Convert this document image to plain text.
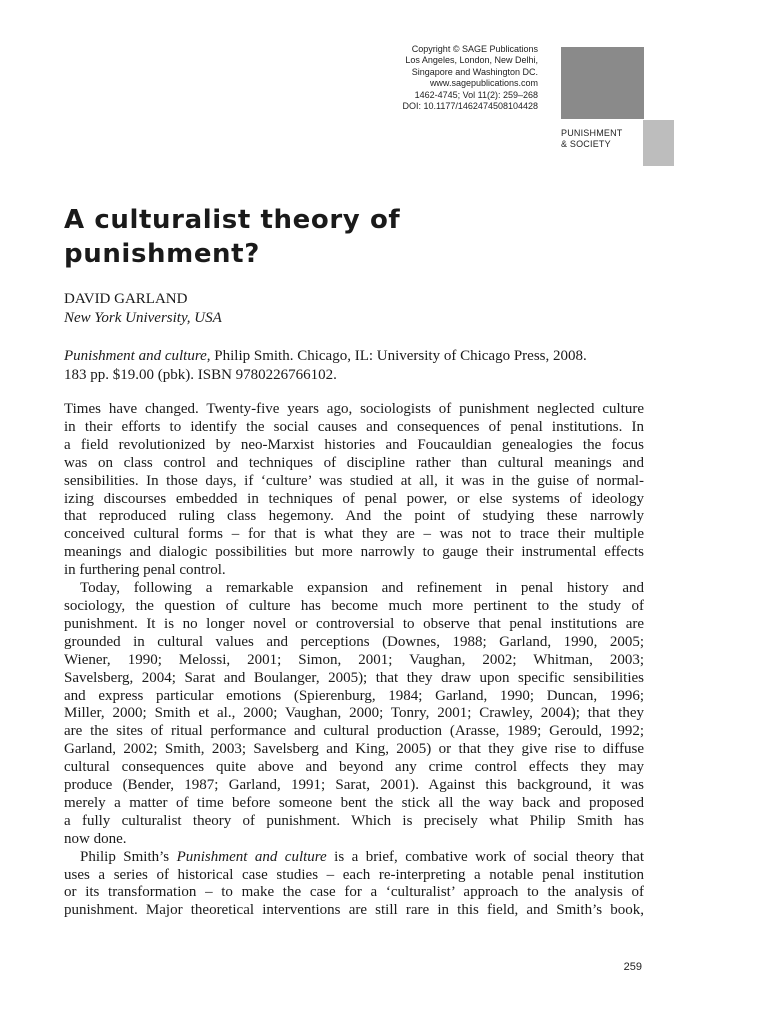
Copyright © SAGE Publications
Los Angeles, London, New Delhi,
Singapore and Washington DC.
www.sagepublications.com
1462-4745; Vol 11(2): 259–268
DOI: 10.1177/1462474508104428
PUNISHMENT
& SOCIETY
A culturalist theory of
punishment?
DAVID GARLAND
New York University, USA
Punishment and culture, Philip Smith. Chicago, IL: University of Chicago Press, 2008.
183 pp. $19.00 (pbk). ISBN 9780226766102.
Times have changed. Twenty-five years ago, sociologists of punishment neglected culture
in their efforts to identify the social causes and consequences of penal institutions. In
a field revolutionized by neo-Marxist histories and Foucauldian genealogies the focus
was on class control and techniques of discipline rather than cultural meanings and
sensibilities. In those days, if ‘culture’ was studied at all, it was in the guise of normal-
izing discourses embedded in techniques of penal power, or else systems of ideology
that reproduced ruling class hegemony. And the point of studying these narrowly
conceived cultural forms – for that is what they are – was not to trace their multiple
meanings and dialogic possibilities but more narrowly to gauge their instrumental effects
in furthering penal control.
Today, following a remarkable expansion and refinement in penal history and
sociology, the question of culture has become much more pertinent to the study of
punishment. It is no longer novel or controversial to observe that penal institutions are
grounded in cultural values and perceptions (Downes, 1988; Garland, 1990, 2005;
Wiener, 1990; Melossi, 2001; Simon, 2001; Vaughan, 2002; Whitman, 2003;
Savelsberg, 2004; Sarat and Boulanger, 2005); that they draw upon specific sensibilities
and express particular emotions (Spierenburg, 1984; Garland, 1990; Duncan, 1996;
Miller, 2000; Smith et al., 2000; Vaughan, 2000; Tonry, 2001; Crawley, 2004); that they
are the sites of ritual performance and cultural production (Arasse, 1989; Gerould, 1992;
Garland, 2002; Smith, 2003; Savelsberg and King, 2005) or that they give rise to diffuse
cultural consequences quite above and beyond any crime control effects they may
produce (Bender, 1987; Garland, 1991; Sarat, 2001). Against this background, it was
merely a matter of time before someone bent the stick all the way back and proposed
a fully culturalist theory of punishment. Which is precisely what Philip Smith has
now done.
Philip Smith’s Punishment and culture is a brief, combative work of social theory that
uses a series of historical case studies – each re-interpreting a notable penal institution
or its transformation – to make the case for a ‘culturalist’ approach to the analysis of
punishment. Major theoretical interventions are still rare in this field, and Smith’s book,
259
